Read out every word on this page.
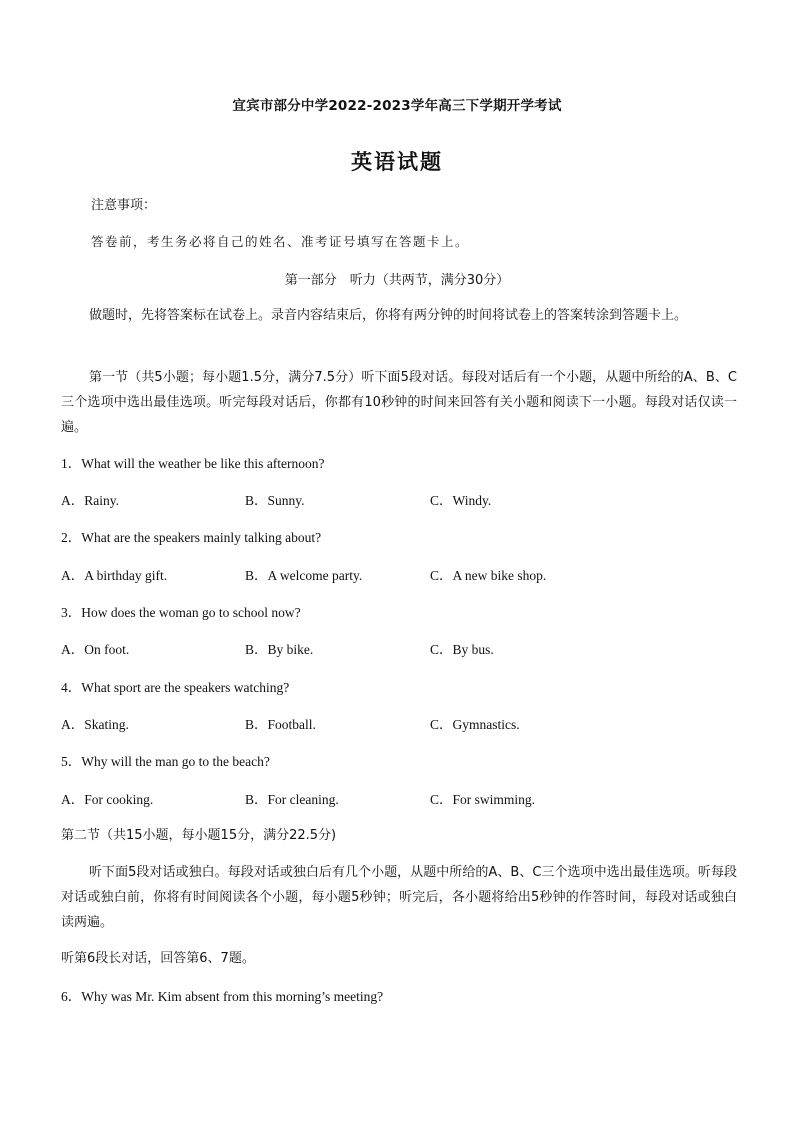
宜宾市部分中学2022-2023学年高三下学期开学考试
英语试题
注意事项：
答卷前，考生务必将自己的姓名、准考证号填写在答题卡上。
第一部分　听力（共两节，满分30分）
做题时，先将答案标在试卷上。录音内容结束后，你将有两分钟的时间将试卷上的答案转涂到答题卡上。
第一节（共5小题；每小题1.5分，满分7.5分）听下面5段对话。每段对话后有一个小题，从题中所给的A、B、C三个选项中选出最佳选项。听完每段对话后，你都有10秒钟的时间来回答有关小题和阅读下一小题。每段对话仅读一遍。
1．What will the weather be like this afternoon?
A．Rainy.	B．Sunny.	C．Windy.
2．What are the speakers mainly talking about?
A．A birthday gift.	B．A welcome party.	C．A new bike shop.
3．How does the woman go to school now?
A．On foot.	B．By bike.	C．By bus.
4．What sport are the speakers watching?
A．Skating.	B．Football.	C．Gymnastics.
5．Why will the man go to the beach?
A．For cooking.	B．For cleaning.	C．For swimming.
第二节（共15小题，每小题15分，满分22.5分)
听下面5段对话或独白。每段对话或独白后有几个小题，从题中所给的A、B、C三个选项中选出最佳选项。听每段对话或独白前，你将有时间阅读各个小题，每小题5秒钟；听完后，各小题将给出5秒钟的作答时间，每段对话或独白读两遍。
听第6段长对话，回答第6、7题。
6．Why was Mr. Kim absent from this morning’s meeting?
